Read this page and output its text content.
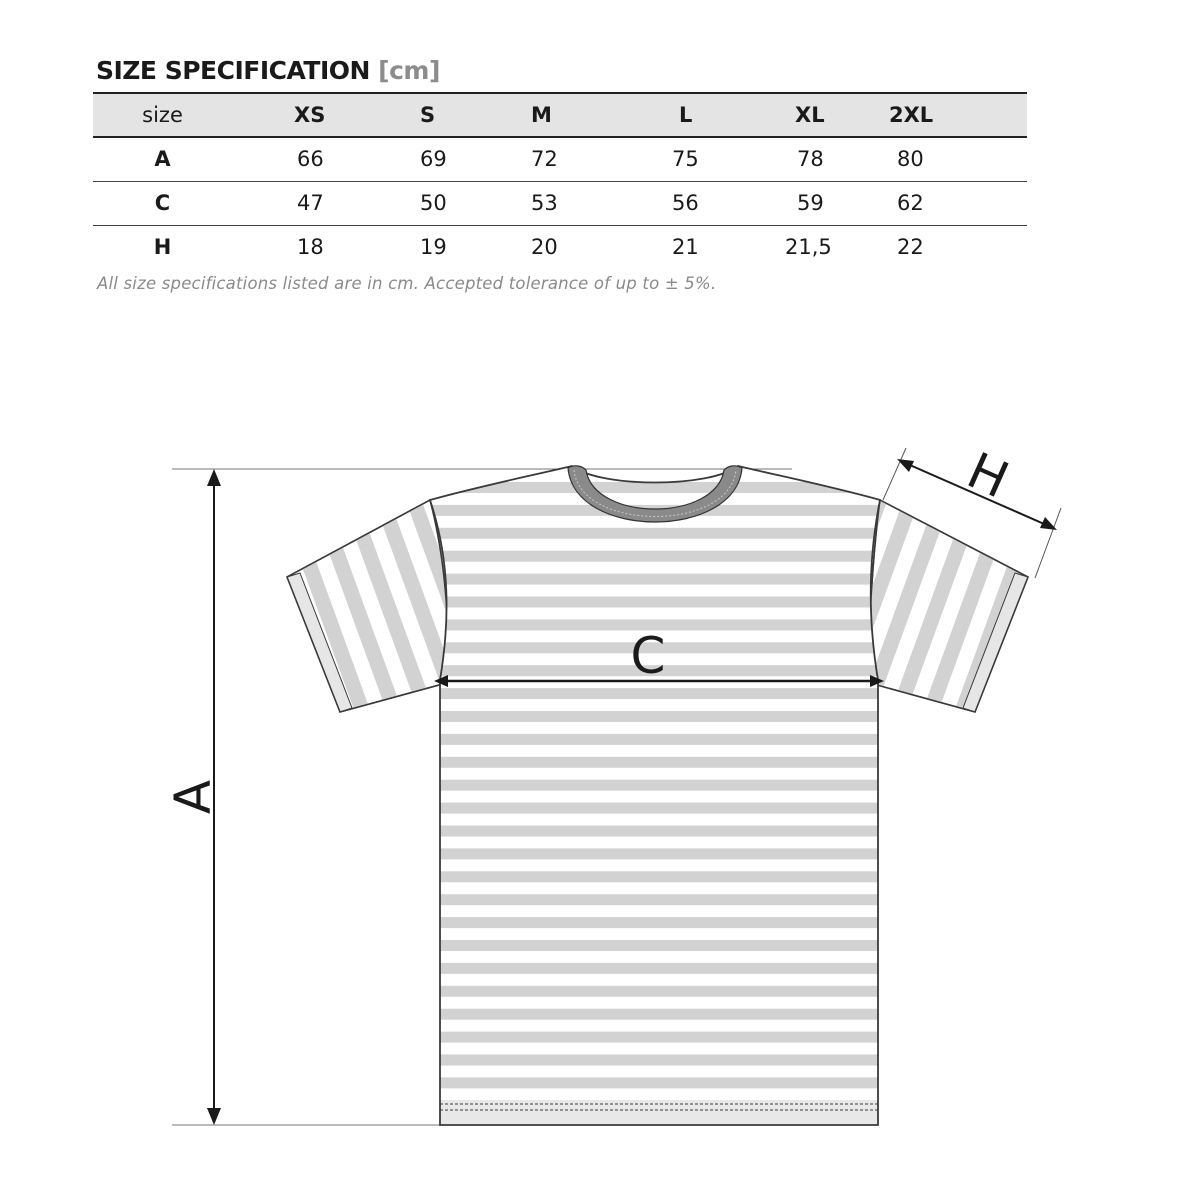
SIZE SPECIFICATION [cm]
size	XS	S	M	L	XL	2XL	
A	66	69	72	75	78	80	
C	47	50	53	56	59	62	
H	18	19	20	21	21,5	22	
All size specifications listed are in cm. Accepted tolerance of up to ± 5%.
A
C
H
